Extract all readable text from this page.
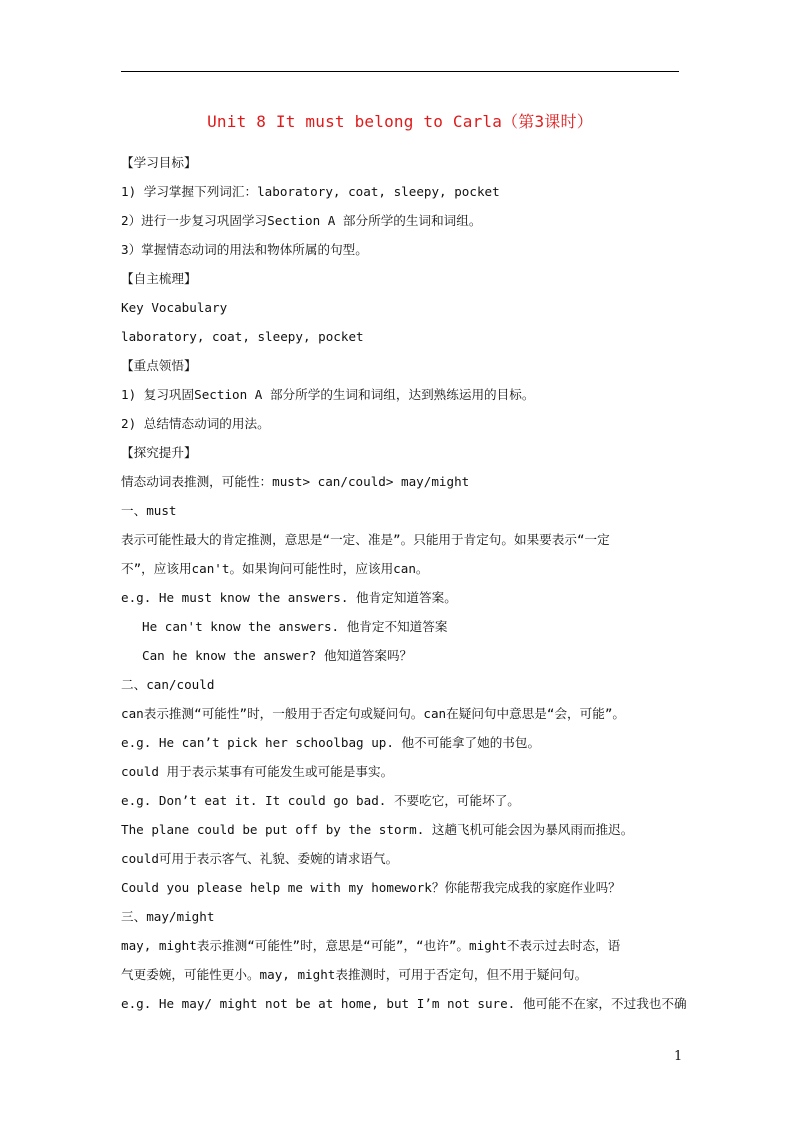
Unit 8 It must belong to Carla（第3课时）
【学习目标】
1) 学习掌握下列词汇：laboratory, coat, sleepy, pocket
2）进行一步复习巩固学习Section A 部分所学的生词和词组。
3）掌握情态动词的用法和物体所属的句型。
【自主梳理】
Key Vocabulary
laboratory, coat, sleepy, pocket
【重点领悟】
1) 复习巩固Section A 部分所学的生词和词组，达到熟练运用的目标。
2) 总结情态动词的用法。
【探究提升】
情态动词表推测，可能性：must> can/could> may/might
一、must
表示可能性最大的肯定推测，意思是“一定、准是”。只能用于肯定句。如果要表示“一定
不”，应该用can't。如果询问可能性时，应该用can。
e.g. He must know the answers. 他肯定知道答案。
He can't know the answers. 他肯定不知道答案
Can he know the answer? 他知道答案吗？
二、can/could
can表示推测“可能性”时，一般用于否定句或疑问句。can在疑问句中意思是“会，可能”。
e.g. He can’t pick her schoolbag up. 他不可能拿了她的书包。
could 用于表示某事有可能发生或可能是事实。
e.g. Don’t eat it. It could go bad. 不要吃它，可能坏了。
The plane could be put off by the storm. 这趟飞机可能会因为暴风雨而推迟。
could可用于表示客气、礼貌、委婉的请求语气。
Could you please help me with my homework？你能帮我完成我的家庭作业吗？
三、may/might
may, might表示推测“可能性”时，意思是“可能”，“也许”。might不表示过去时态，语
气更委婉，可能性更小。may, might表推测时，可用于否定句，但不用于疑问句。
e.g. He may/ might not be at home, but I’m not sure. 他可能不在家，不过我也不确
1
